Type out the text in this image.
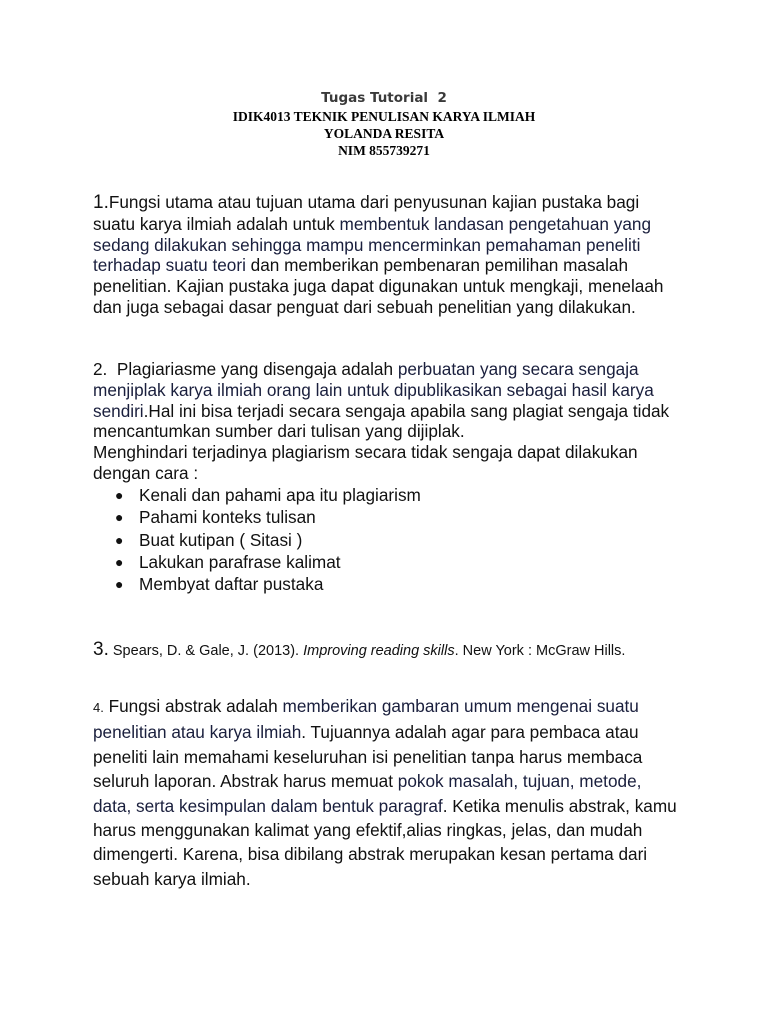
Tugas Tutorial  2
IDIK4013 TEKNIK PENULISAN KARYA ILMIAH
YOLANDA RESITA
NIM 855739271

1.Fungsi utama atau tujuan utama dari penyusunan kajian pustaka bagi suatu karya ilmiah adalah untuk membentuk landasan pengetahuan yang sedang dilakukan sehingga mampu mencerminkan pemahaman peneliti terhadap suatu teori dan memberikan pembenaran pemilihan masalah penelitian. Kajian pustaka juga dapat digunakan untuk mengkaji, menelaah dan juga sebagai dasar penguat dari sebuah penelitian yang dilakukan.

2.  Plagiariasme yang disengaja adalah perbuatan yang secara sengaja menjiplak karya ilmiah orang lain untuk dipublikasikan sebagai hasil karya sendiri.Hal ini bisa terjadi secara sengaja apabila sang plagiat sengaja tidak mencantumkan sumber dari tulisan yang dijiplak.

Menghindari terjadinya plagiarism secara tidak sengaja dapat dilakukan dengan cara :

● Kenali dan pahami apa itu plagiarism
● Pahami konteks tulisan
● Buat kutipan ( Sitasi )
● Lakukan parafrase kalimat
● Membyat daftar pustaka

3. Spears, D. & Gale, J. (2013). Improving reading skills. New York : McGraw Hills.

4. Fungsi abstrak adalah memberikan gambaran umum mengenai suatu penelitian atau karya ilmiah. Tujuannya adalah agar para pembaca atau peneliti lain memahami keseluruhan isi penelitian tanpa harus membaca seluruh laporan. Abstrak harus memuat pokok masalah, tujuan, metode, data, serta kesimpulan dalam bentuk paragraf. Ketika menulis abstrak, kamu harus menggunakan kalimat yang efektif,alias ringkas, jelas, dan mudah dimengerti. Karena, bisa dibilang abstrak merupakan kesan pertama dari sebuah karya ilmiah.
